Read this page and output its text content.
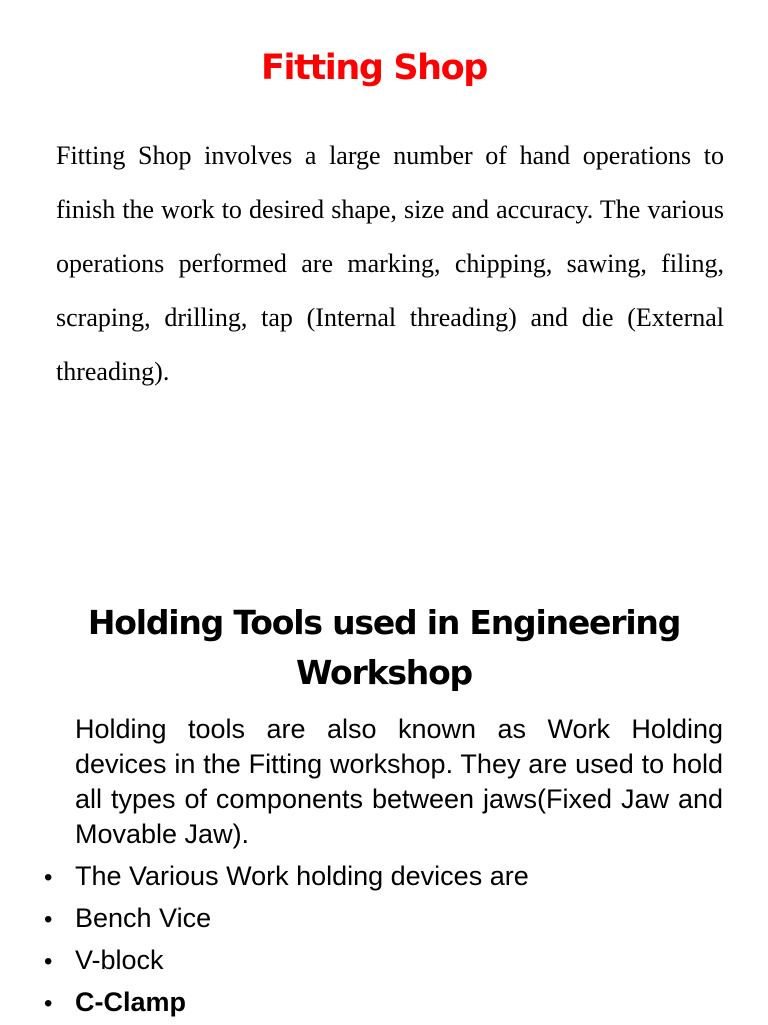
Fitting Shop

Fitting Shop involves a large number of hand operations to finish the work to desired shape, size and accuracy. The various operations performed are marking, chipping, sawing, filing, scraping, drilling, tap (Internal threading) and die (External threading).

Holding Tools used in Engineering Workshop

Holding tools are also known as Work Holding devices in the Fitting workshop. They are used to hold all types of components between jaws(Fixed Jaw and Movable Jaw).

• The Various Work holding devices are
• Bench Vice
• V-block
• C-Clamp
